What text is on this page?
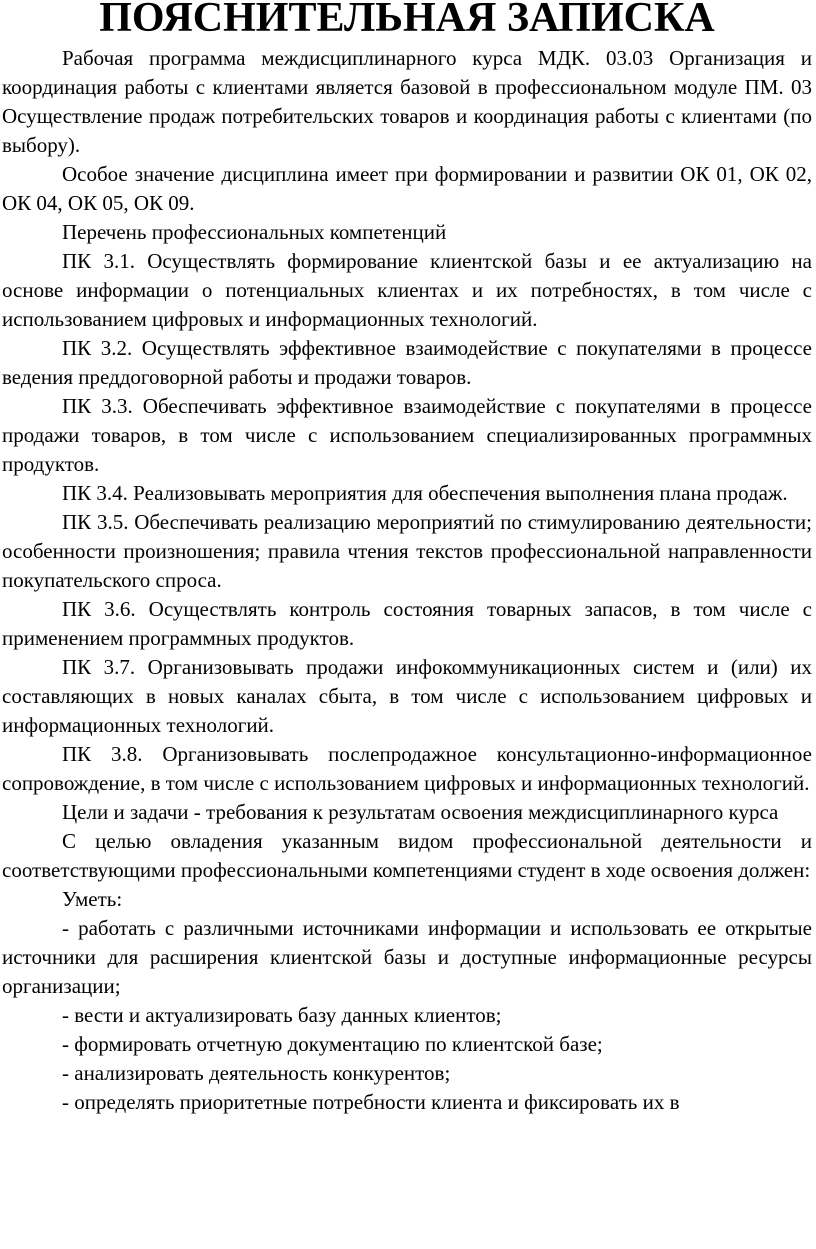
ПОЯСНИТЕЛЬНАЯ ЗАПИСКА

Рабочая программа междисциплинарного курса МДК. 03.03 Организация и координация работы с клиентами является базовой в профессиональном модуле ПМ. 03 Осуществление продаж потребительских товаров и координация работы с клиентами (по выбору).

Особое значение дисциплина имеет при формировании и развитии ОК 01, ОК 02, ОК 04, ОК 05, ОК 09.

Перечень профессиональных компетенций

ПК 3.1. Осуществлять формирование клиентской базы и ее актуализацию на основе информации о потенциальных клиентах и их потребностях, в том числе с использованием цифровых и информационных технологий.

ПК 3.2. Осуществлять эффективное взаимодействие с покупателями в процессе ведения преддоговорной работы и продажи товаров.

ПК 3.3. Обеспечивать эффективное взаимодействие с покупателями в процессе продажи товаров, в том числе с использованием специализированных программных продуктов.

ПК 3.4. Реализовывать мероприятия для обеспечения выполнения плана продаж.

ПК 3.5. Обеспечивать реализацию мероприятий по стимулированию деятельности; особенности произношения; правила чтения текстов профессиональной направленности покупательского спроса.

ПК 3.6. Осуществлять контроль состояния товарных запасов, в том числе с применением программных продуктов.

ПК 3.7. Организовывать продажи инфокоммуникационных систем и (или) их составляющих в новых каналах сбыта, в том числе с использованием цифровых и информационных технологий.

ПК 3.8. Организовывать послепродажное консультационно-информационное сопровождение, в том числе с использованием цифровых и информационных технологий.

Цели и задачи - требования к результатам освоения междисциплинарного курса

С целью овладения указанным видом профессиональной деятельности и соответствующими профессиональными компетенциями студент в ходе освоения должен:

Уметь:

- работать с различными источниками информации и использовать ее открытые источники для расширения клиентской базы и доступные информационные ресурсы организации;

- вести и актуализировать базу данных клиентов;

- формировать отчетную документацию по клиентской базе;

- анализировать деятельность конкурентов;

- определять приоритетные потребности клиента и фиксировать их в
